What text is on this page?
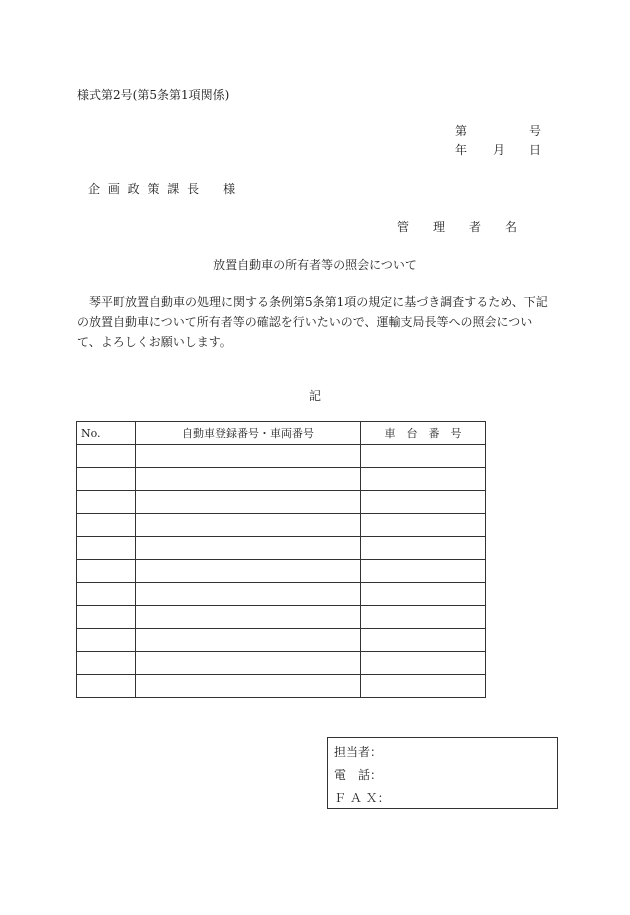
様式第2号(第5条第1項関係)
第	号
年 月 日
企 画 政 策 課 長 様
管　　理　　者　　名
放置自動車の所有者等の照会について
琴平町放置自動車の処理に関する条例第5条第1項の規定に基づき調査するため、下記の放置自動車について所有者等の確認を行いたいので、運輸支局長等への照会について、よろしくお願いします。
記
No.	自動車登録番号・車両番号	車　台　番　号

担当者：
電　話：
Ｆ Ａ Ｘ：
